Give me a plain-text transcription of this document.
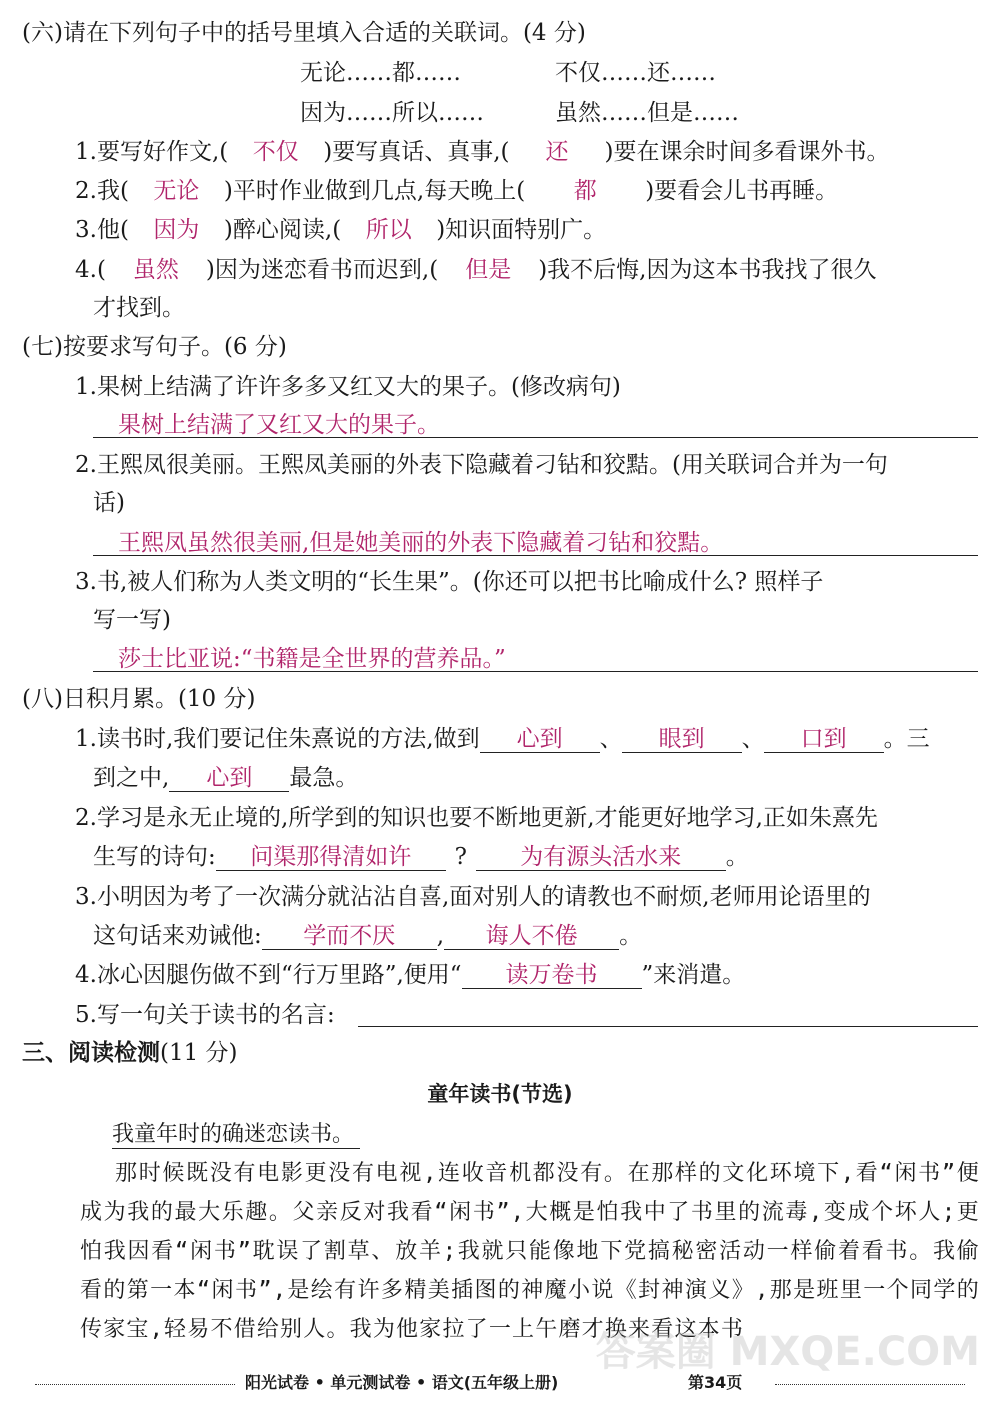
(六)请在下列句子中的括号里填入合适的关联词。(4 分)
无论……都……	不仅……还……
因为……所以……	虽然……但是……
1.要写好作文,( 不仅 )要写真话、真事,( 还 )要在课余时间多看课外书。
2.我( 无论 )平时作业做到几点,每天晚上( 都 )要看会儿书再睡。
3.他( 因为 )醉心阅读,( 所以 )知识面特别广。
4.( 虽然 )因为迷恋看书而迟到,( 但是 )我不后悔,因为这本书我找了很久
才找到。
(七)按要求写句子。(6 分)
1.果树上结满了许许多多又红又大的果子。(修改病句)
果树上结满了又红又大的果子。
2.王熙凤很美丽。王熙凤美丽的外表下隐藏着刁钻和狡黠。(用关联词合并为一句
话)
王熙凤虽然很美丽,但是她美丽的外表下隐藏着刁钻和狡黠。
3.书,被人们称为人类文明的“长生果”。(你还可以把书比喻成什么? 照样子
写一写)
莎士比亚说:“书籍是全世界的营养品。”
(八)日积月累。(10 分)
1.读书时,我们要记住朱熹说的方法,做到 心到 、 眼到 、 口到 。三
到之中, 心到 最急。
2.学习是永无止境的,所学到的知识也要不断地更新,才能更好地学习,正如朱熹先
生写的诗句: 问渠那得清如许 ? 为有源头活水来 。
3.小明因为考了一次满分就沾沾自喜,面对别人的请教也不耐烦,老师用论语里的
这句话来劝诫他: 学而不厌 , 诲人不倦 。
4.冰心因腿伤做不到“行万里路”,便用“ 读万卷书 ”来消遣。
5.写一句关于读书的名言:
三、阅读检测(11 分)
童年读书(节选)
我童年时的确迷恋读书。
那时候既没有电影更没有电视,连收音机都没有。在那样的文化环境下,看“闲书”便成为我的最大乐趣。父亲反对我看“闲书”,大概是怕我中了书里的流毒,变成个坏人;更怕我因看“闲书”耽误了割草、放羊;我就只能像地下党搞秘密活动一样偷着看书。我偷看的第一本“闲书”,是绘有许多精美插图的神魔小说《封神演义》,那是班里一个同学的传家宝,轻易不借给别人。我为他家拉了一上午磨才换来看这本书
阳光试卷 • 单元测试卷 • 语文(五年级上册)	第34页
答案圈 MXQE.COM
